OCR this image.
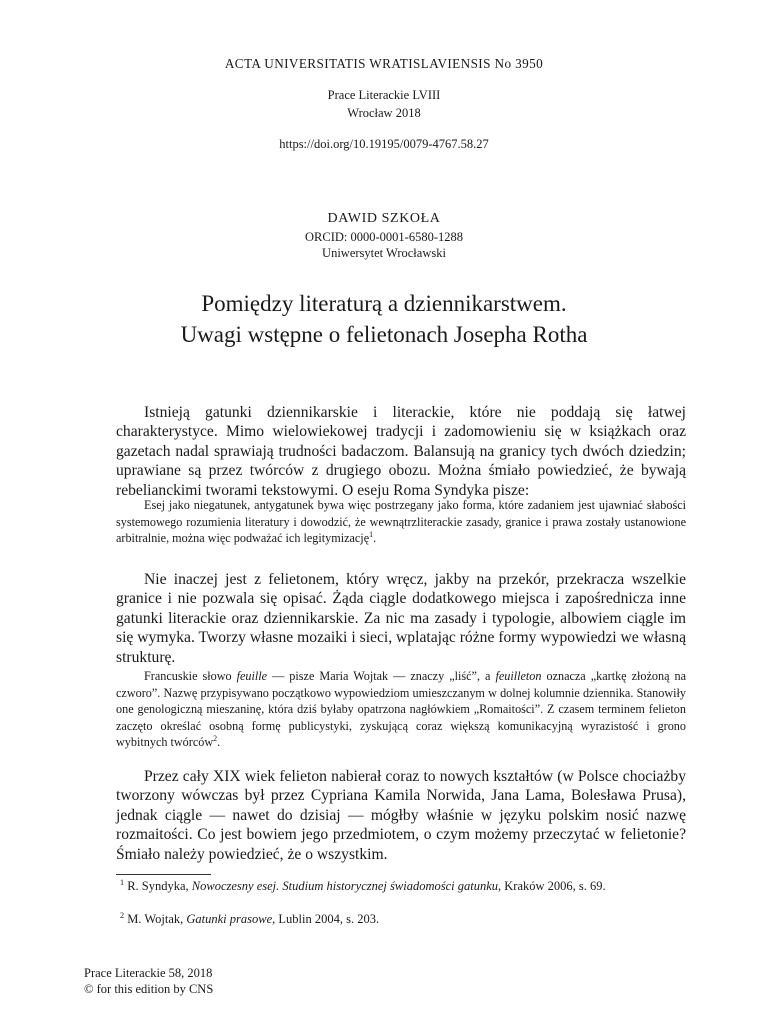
ACTA UNIVERSITATIS WRATISLAVIENSIS No 3950
Prace Literackie LVIII
Wrocław 2018
https://doi.org/10.19195/0079-4767.58.27
DAWID SZKOŁA
ORCID: 0000-0001-6580-1288
Uniwersytet Wrocławski
Pomiędzy literaturą a dziennikarstwem.
Uwagi wstępne o felietonach Josepha Rotha
Istnieją gatunki dziennikarskie i literackie, które nie poddają się łatwej charakterystyce. Mimo wielowiekowej tradycji i zadomowieniu się w książkach oraz gazetach nadal sprawiają trudności badaczom. Balansują na granicy tych dwóch dziedzin; uprawiane są przez twórców z drugiego obozu. Można śmiało powiedzieć, że bywają rebelianckimi tworami tekstowymi. O eseju Roma Syndyka pisze:
Esej jako niegatunek, antygatunek bywa więc postrzegany jako forma, które zadaniem jest ujawniać słabości systemowego rozumienia literatury i dowodzić, że wewnątrzliterackie zasady, granice i prawa zostały ustanowione arbitralnie, można więc podważać ich legitymizację$^1$.
Nie inaczej jest z felietonem, który wręcz, jakby na przekór, przekracza wszelkie granice i nie pozwala się opisać. Żąda ciągle dodatkowego miejsca i zapośrednicza inne gatunki literackie oraz dziennikarskie. Za nic ma zasady i typologie, albowiem ciągle im się wymyka. Tworzy własne mozaiki i sieci, wplatając różne formy wypowiedzi we własną strukturę.
Francuskie słowo feuille — pisze Maria Wojtak — znaczy „liść”, a feuilleton oznacza „kartkę złożoną na czworo”. Nazwę przypisywano początkowo wypowiedziom umieszczanym w dolnej kolumnie dziennika. Stanowiły one genologiczną mieszaninę, która dziś byłaby opatrzona nagłówkiem „Romaitości”. Z czasem terminem felieton zaczęto określać osobną formę publicystyki, zyskującą coraz większą komunikacyjną wyrazistość i grono wybitnych twórców$^2$.
Przez cały XIX wiek felieton nabierał coraz to nowych kształtów (w Polsce chociażby tworzony wówczas był przez Cypriana Kamila Norwida, Jana Lama, Bolesława Prusa), jednak ciągle — nawet do dzisiaj — mógłby właśnie w języku polskim nosić nazwę rozmaitości. Co jest bowiem jego przedmiotem, o czym możemy przeczytać w felietonie? Śmiało należy powiedzieć, że o wszystkim.
$^1$ R. Syndyka, Nowoczesny esej. Studium historycznej świadomości gatunku, Kraków 2006, s. 69.
$^2$ M. Wojtak, Gatunki prasowe, Lublin 2004, s. 203.
Prace Literackie 58, 2018
© for this edition by CNS
